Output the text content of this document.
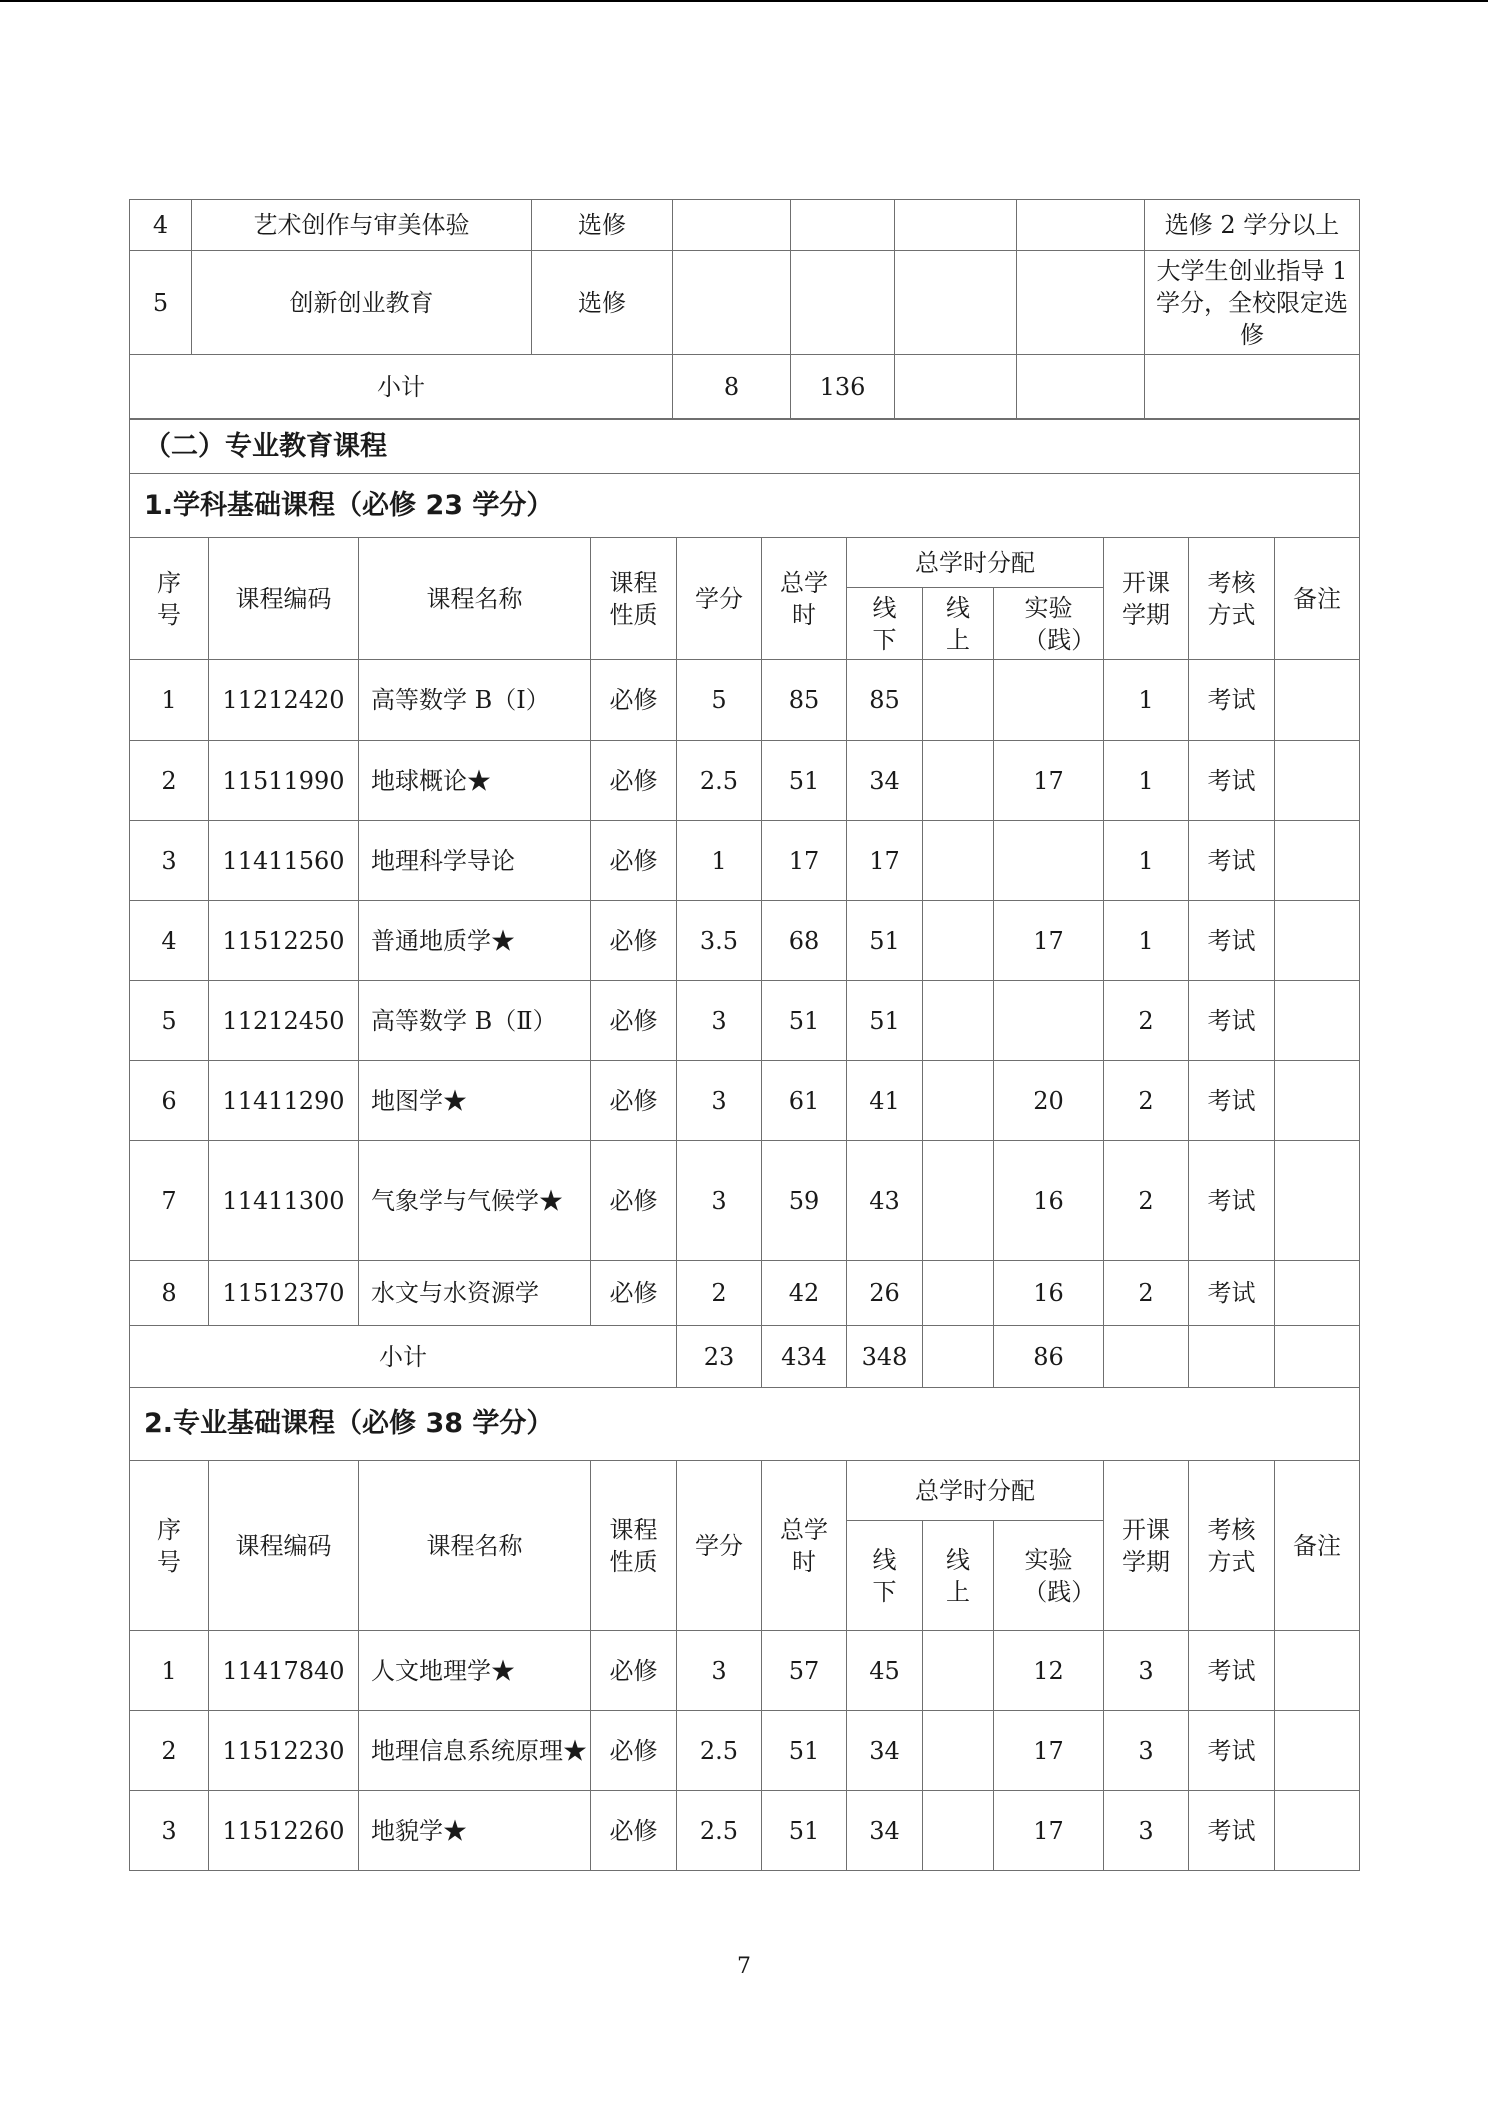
4	艺术创作与审美体验	选修					选修 2 学分以上
5	创新创业教育	选修					大学生创业指导 1 学分，全校限定选修
小计			8	136			
（二）专业教育课程											
1.学科基础课程（必修 23 学分）											
序号	课程编码	课程名称	课程性质	学分	总学时	总学时分配			开课学期	考核方式	备注
						线下	线上	实验（践）			
1	11212420	高等数学 B（Ⅰ）	必修	5	85	85			1	考试	
2	11511990	地球概论★	必修	2.5	51	34		17	1	考试	
3	11411560	地理科学导论	必修	1	17	17			1	考试	
4	11512250	普通地质学★	必修	3.5	68	51		17	1	考试	
5	11212450	高等数学 B（Ⅱ）	必修	3	51	51			2	考试	
6	11411290	地图学★	必修	3	61	41		20	2	考试	
7	11411300	气象学与气候学★	必修	3	59	43		16	2	考试	
8	11512370	水文与水资源学	必修	2	42	26		16	2	考试	
小计				23	434	348		86			
2.专业基础课程（必修 38 学分）											
序号	课程编码	课程名称	课程性质	学分	总学时	总学时分配			开课学期	考核方式	备注
						线下	线上	实验（践）			
1	11417840	人文地理学★	必修	3	57	45		12	3	考试	
2	11512230	地理信息系统原理★	必修	2.5	51	34		17	3	考试	
3	11512260	地貌学★	必修	2.5	51	34		17	3	考试	
7
